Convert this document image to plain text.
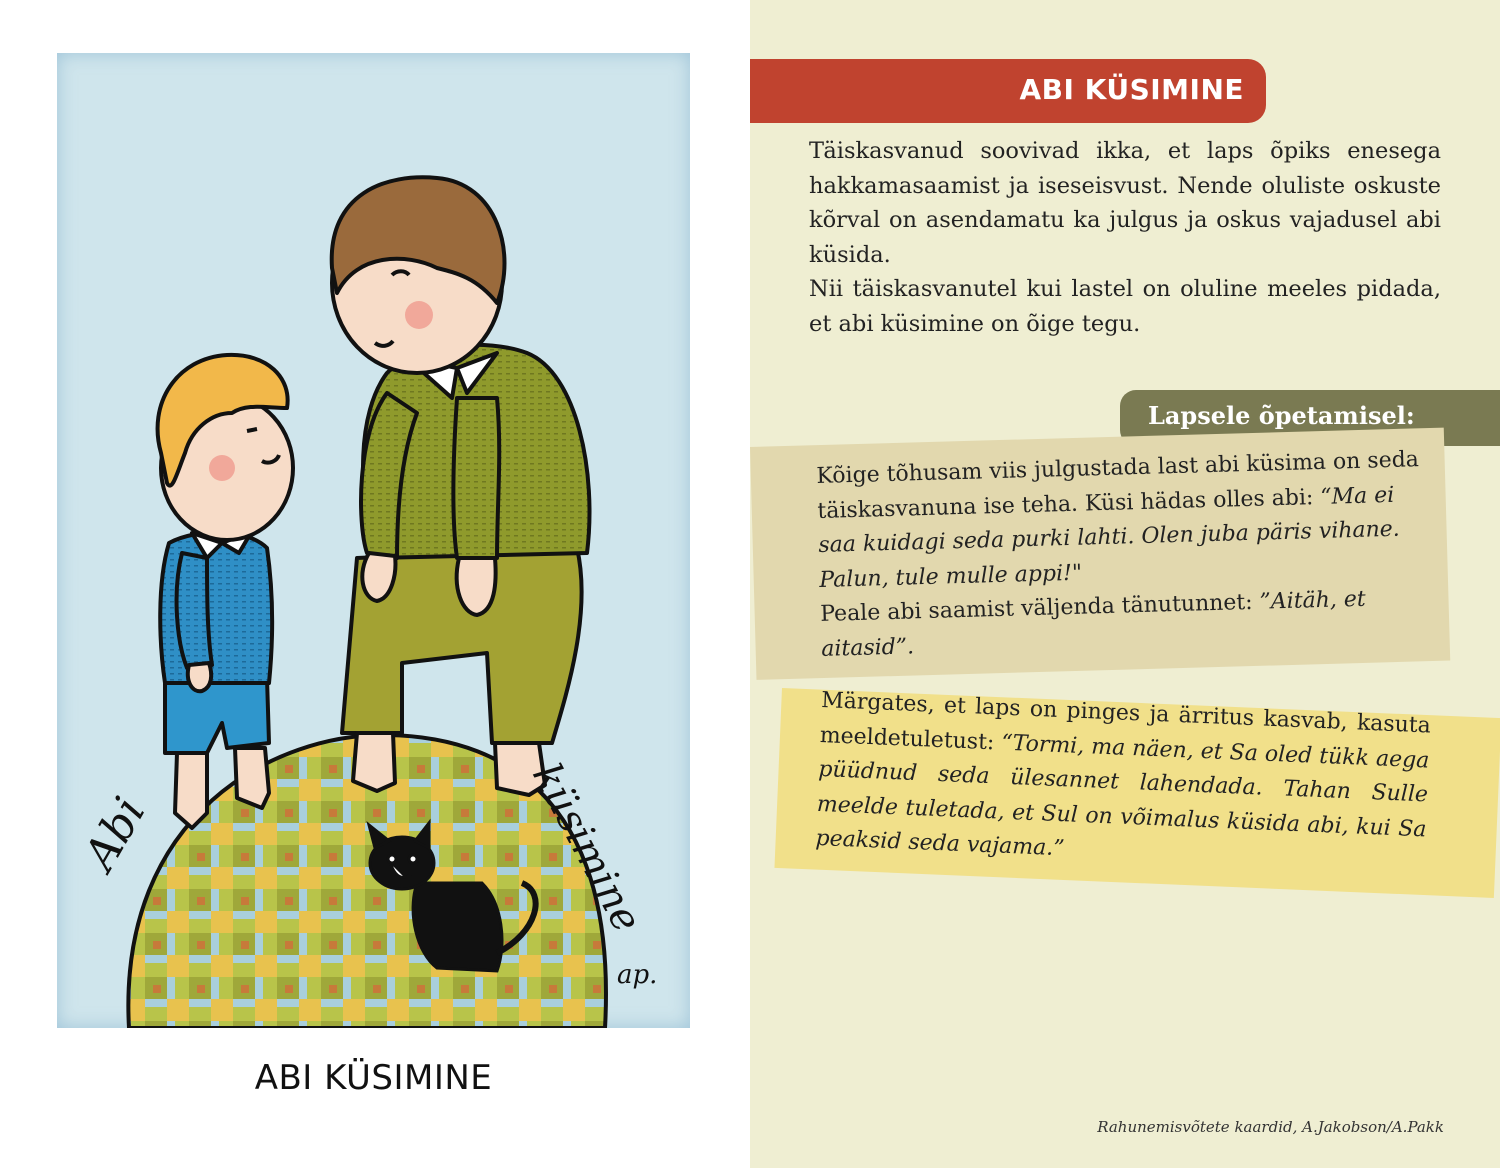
Abi	küsimine
ap.
ABI KÜSIMINE
ABI KÜSIMINE

Täiskasvanud soovivad ikka, et laps õpiks enesega hakkamasaamist ja iseseisvust. Nende oluliste oskuste kõrval on asendamatu ka julgus ja oskus vajadusel abi küsida.

Nii täiskasvanutel kui lastel on oluline meeles pidada, et abi küsimine on õige tegu.

Lapsele õpetamisel:
Kõige tõhusam viis julgustada last abi küsima on seda täiskasvanuna ise teha. Küsi hädas olles abi: “Ma ei saa kuidagi seda purki lahti. Olen juba päris vihane. Palun, tule mulle appi!"
Peale abi saamist väljenda tänutunnet: ”Aitäh, et aitasid”.
Märgates, et laps on pinges ja ärritus kasvab, kasuta meeldetuletust: “Tormi, ma näen, et Sa oled tükk aega püüdnud seda ülesannet lahendada. Tahan Sulle meelde tuletada, et Sul on võimalus küsida abi, kui Sa peaksid seda vajama.”
Rahunemisvõtete kaardid, A.Jakobson/A.Pakk
